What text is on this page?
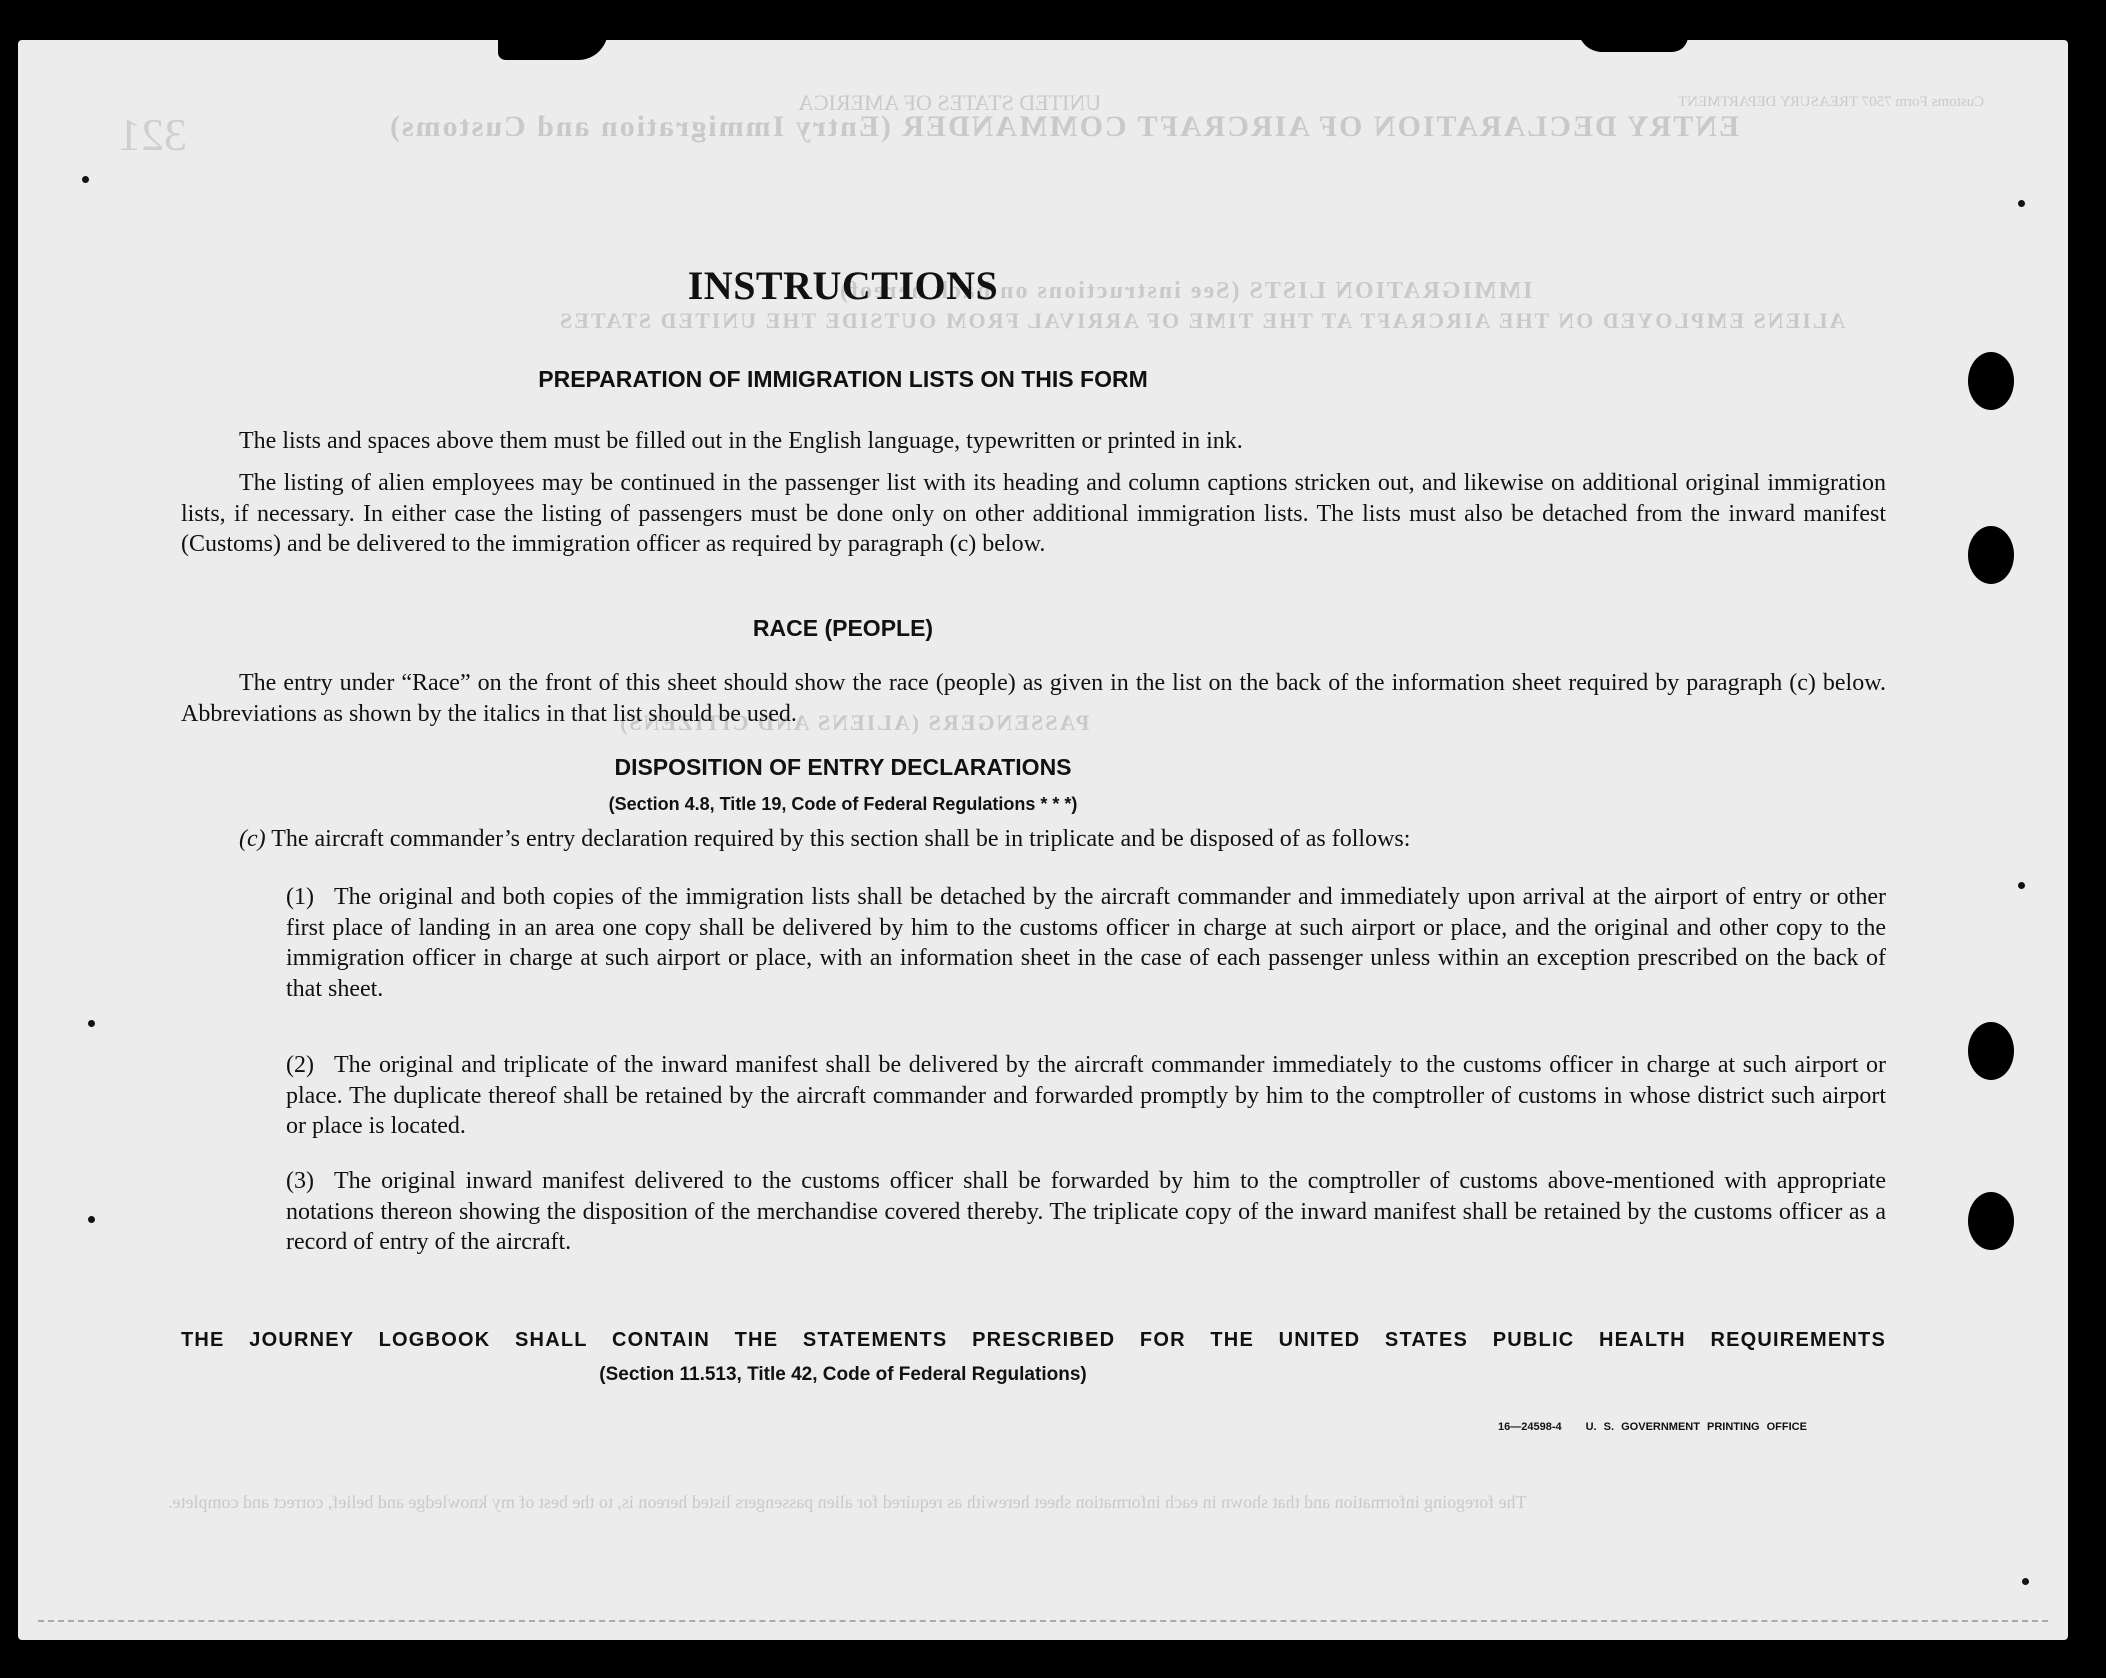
ENTRY DECLARATION OF AIRCRAFT COMMANDER (Entry Immigration and Customs)
UNITED STATES OF AMERICA
321
Customs Form 7507 TREASURY DEPARTMENT
ALIENS EMPLOYED ON THE AIRCRAFT AT THE TIME OF ARRIVAL FROM OUTSIDE THE UNITED STATES
IMMIGRATION LISTS (See instructions on back hereof)
PASSENGERS (ALIENS AND CITIZENS)
The foregoing information and that shown in each information sheet herewith as required for alien passengers listed hereon is, to the best of my knowledge and belief, correct and complete.
INSTRUCTIONS
PREPARATION OF IMMIGRATION LISTS ON THIS FORM
The lists and spaces above them must be filled out in the English language, typewritten or printed in ink.
The listing of alien employees may be continued in the passenger list with its heading and column captions stricken out, and likewise on additional original immigration lists, if necessary. In either case the listing of passengers must be done only on other additional immigration lists. The lists must also be detached from the inward manifest (Customs) and be delivered to the immigration officer as required by paragraph (c) below.
RACE (PEOPLE)
The entry under “Race” on the front of this sheet should show the race (people) as given in the list on the back of the information sheet required by paragraph (c) below. Abbreviations as shown by the italics in that list should be used.
DISPOSITION OF ENTRY DECLARATIONS
(Section 4.8, Title 19, Code of Federal Regulations * * *)
(c) The aircraft commander’s entry declaration required by this section shall be in triplicate and be disposed of as follows:
(1) The original and both copies of the immigration lists shall be detached by the aircraft commander and immediately upon arrival at the airport of entry or other first place of landing in an area one copy shall be delivered by him to the customs officer in charge at such airport or place, and the original and other copy to the immigration officer in charge at such airport or place, with an information sheet in the case of each passenger unless within an exception prescribed on the back of that sheet.
(2) The original and triplicate of the inward manifest shall be delivered by the aircraft commander immediately to the customs officer in charge at such airport or place. The duplicate thereof shall be retained by the aircraft commander and forwarded promptly by him to the comptroller of customs in whose district such airport or place is located.
(3) The original inward manifest delivered to the customs officer shall be forwarded by him to the comptroller of customs above-mentioned with appropriate notations thereon showing the disposition of the merchandise covered thereby. The triplicate copy of the inward manifest shall be retained by the customs officer as a record of entry of the aircraft.
THE JOURNEY LOGBOOK SHALL CONTAIN THE STATEMENTS PRESCRIBED FOR THE UNITED STATES PUBLIC HEALTH REQUIREMENTS
(Section 11.513, Title 42, Code of Federal Regulations)
16—24598-4 U. S. GOVERNMENT PRINTING OFFICE
